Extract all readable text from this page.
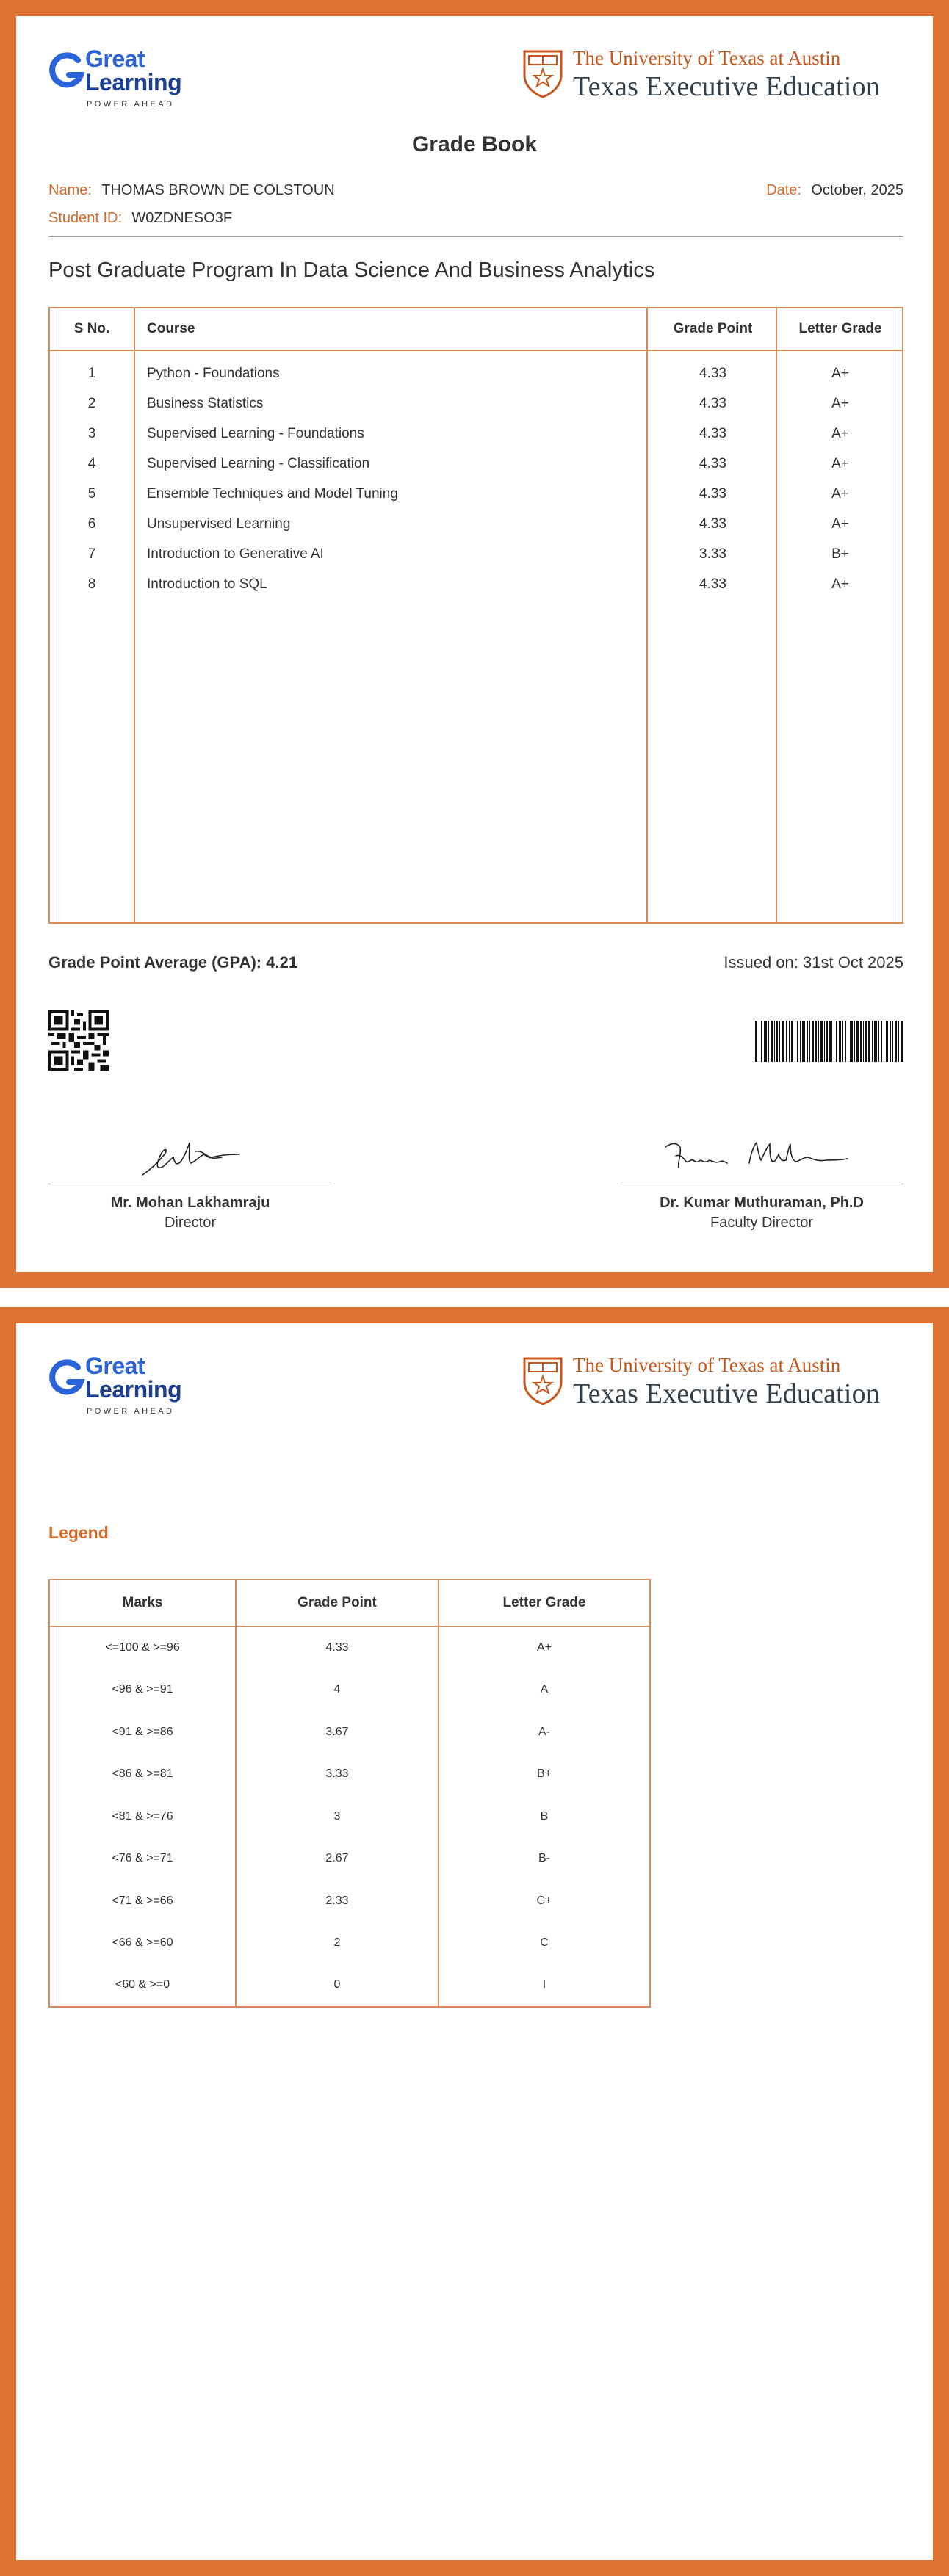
Great
Learning
POWER AHEAD
The University of Texas at Austin
Texas Executive Education
Grade Book
Name: THOMAS BROWN DE COLSTOUN
Student ID: W0ZDNESO3F
Date: October, 2025
Post Graduate Program In Data Science And Business Analytics
S No.	Course	Grade Point	Letter Grade
1	Python - Foundations	4.33	A+
2	Business Statistics	4.33	A+
3	Supervised Learning - Foundations	4.33	A+
4	Supervised Learning - Classification	4.33	A+
5	Ensemble Techniques and Model Tuning	4.33	A+
6	Unsupervised Learning	4.33	A+
7	Introduction to Generative AI	3.33	B+
8	Introduction to SQL	4.33	A+
Grade Point Average (GPA): 4.21	Issued on: 31st Oct 2025
Mr. Mohan Lakhamraju
Director
Dr. Kumar Muthuraman, Ph.D
Faculty Director
Great
Learning
POWER AHEAD
The University of Texas at Austin
Texas Executive Education
Legend
Marks	Grade Point	Letter Grade
<=100 & >=96	4.33	A+
<96 & >=91	4	A
<91 & >=86	3.67	A-
<86 & >=81	3.33	B+
<81 & >=76	3	B
<76 & >=71	2.67	B-
<71 & >=66	2.33	C+
<66 & >=60	2	C
<60 & >=0	0	I
